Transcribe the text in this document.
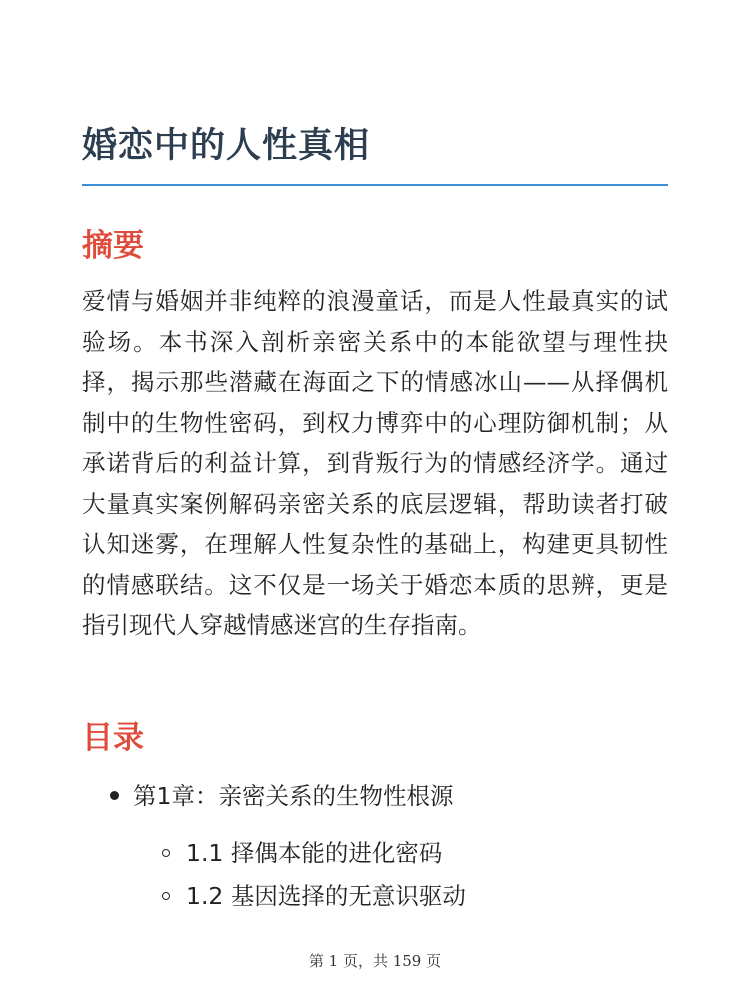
婚恋中的人性真相
摘要

爱情与婚姻并非纯粹的浪漫童话，而是人性最真实的试验场。本书深入剖析亲密关系中的本能欲望与理性抉择，揭示那些潜藏在海面之下的情感冰山——从择偶机制中的生物性密码，到权力博弈中的心理防御机制；从承诺背后的利益计算，到背叛行为的情感经济学。通过大量真实案例解码亲密关系的底层逻辑，帮助读者打破认知迷雾，在理解人性复杂性的基础上，构建更具韧性的情感联结。这不仅是一场关于婚恋本质的思辨，更是指引现代人穿越情感迷宫的生存指南。

目录
第1章：亲密关系的生物性根源
1.1 择偶本能的进化密码
1.2 基因选择的无意识驱动
第 1 页，共 159 页
